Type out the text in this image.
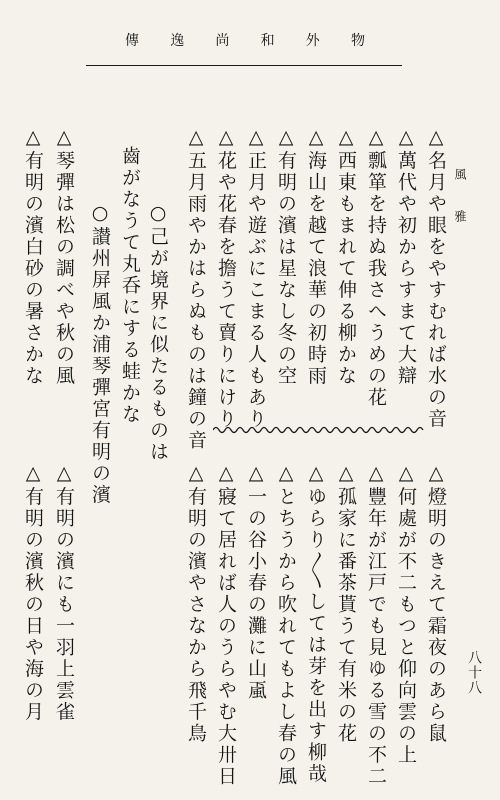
傳 逸 尚 和 外 物
八十八
風雅
△名月や眼をやすむれば水の音
△萬代や初からすまて大辯
△瓢箪を持ぬ我さへうめの花
△西東もまれて伸る柳かな
△海山を越て浪華の初時雨
△有明の濱は星なし冬の空
△正月や遊ぶにこまる人もあり
△花や花春を擔うて賣りにけり
△五月雨やかはらぬものは鐘の音
○己が境界に似たるものは
齒がなうて丸呑にする蛙かな
○讃州屏風か浦琴彈宮有明の濱
△琴彈は松の調べや秋の風
△有明の濱白砂の暑さかな
△燈明のきえて霜夜のあら鼠
△何處が不二もつと仰向雲の上
△豐年が江戸でも見ゆる雪の不二
△孤家に番茶貰うて有米の花
△ゆらり〳〵しては芽を出す柳哉
△とちうから吹れてもよし春の風
△一の谷小春の灘に山颪
△寢て居れば人のうらやむ大卅日
△有明の濱やさなから飛千鳥
△有明の濱にも一羽上雲雀
△有明の濱秋の日や海の月
